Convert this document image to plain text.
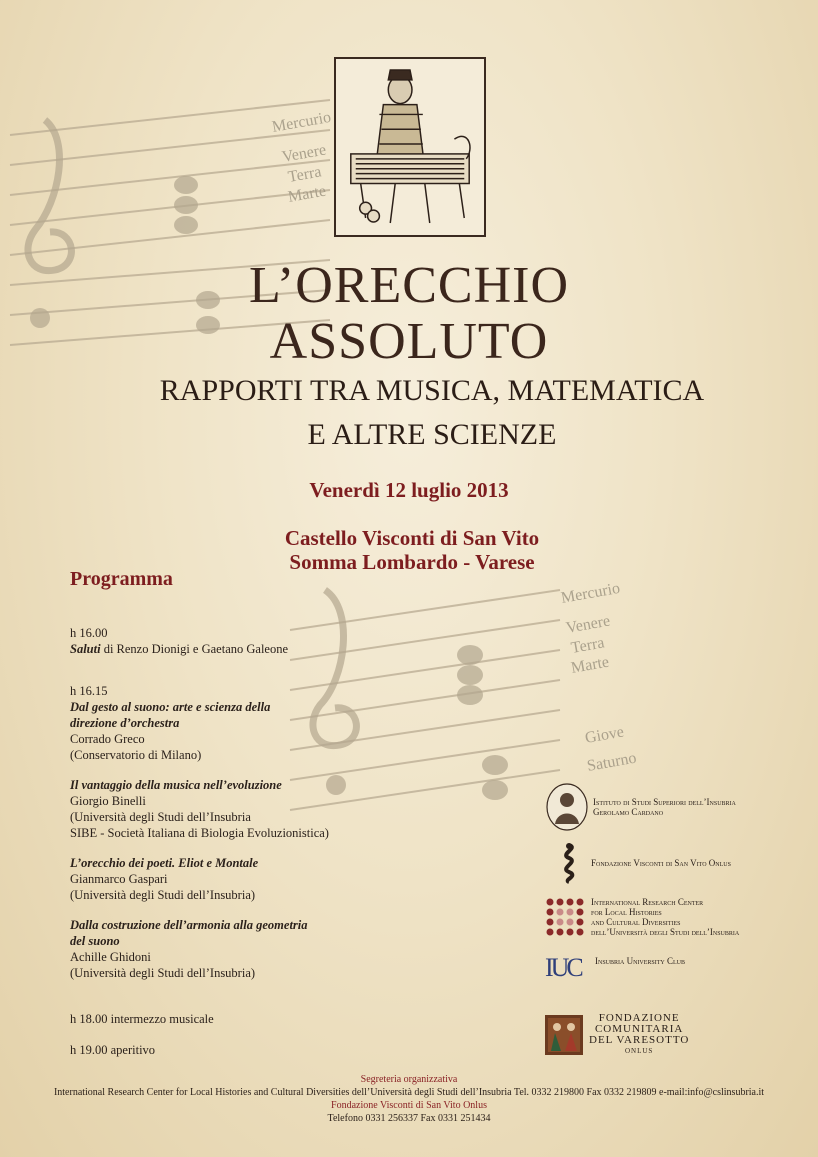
Mercurio
Venere
Terra
Marte
Mercurio
Venere
Terra
Marte
Giove
Saturno
L’ORECCHIO
ASSOLUTO
RAPPORTI TRA MUSICA, MATEMATICA
E ALTRE SCIENZE
Venerdì 12 luglio 2013
Castello Visconti di San Vito
Somma Lombardo - Varese
Programma
h 16.00
Saluti di Renzo Dionigi e Gaetano Galeone
h 16.15
Dal gesto al suono: arte e scienza della
direzione d’orchestra
Corrado Greco
(Conservatorio di Milano)
Il vantaggio della musica nell’evoluzione
Giorgio Binelli
(Università degli Studi dell’Insubria
SIBE - Società Italiana di Biologia Evoluzionistica)
L’orecchio dei poeti. Eliot e Montale
Gianmarco Gaspari
(Università degli Studi dell’Insubria)
Dalla costruzione dell’armonia alla geometria
del suono
Achille Ghidoni
(Università degli Studi dell’Insubria)
h 18.00 intermezzo musicale
h 19.00 aperitivo
Istituto di Studi Superiori dell’Insubria
Gerolamo Cardano
Fondazione Visconti di San Vito Onlus
International Research Center
for Local Histories
and Cultural Diversities
dell’Università degli Studi dell’Insubria
IUC	Insubria University Club
FONDAZIONE
COMUNITARIA
DEL VARESOTTO
ONLUS
Segreteria organizzativa
International Research Center for Local Histories and Cultural Diversities dell’Università degli Studi dell’Insubria Tel. 0332 219800 Fax 0332 219809 e-mail:info@cslinsubria.it
Fondazione Visconti di San Vito Onlus
Telefono 0331 256337 Fax 0331 251434
